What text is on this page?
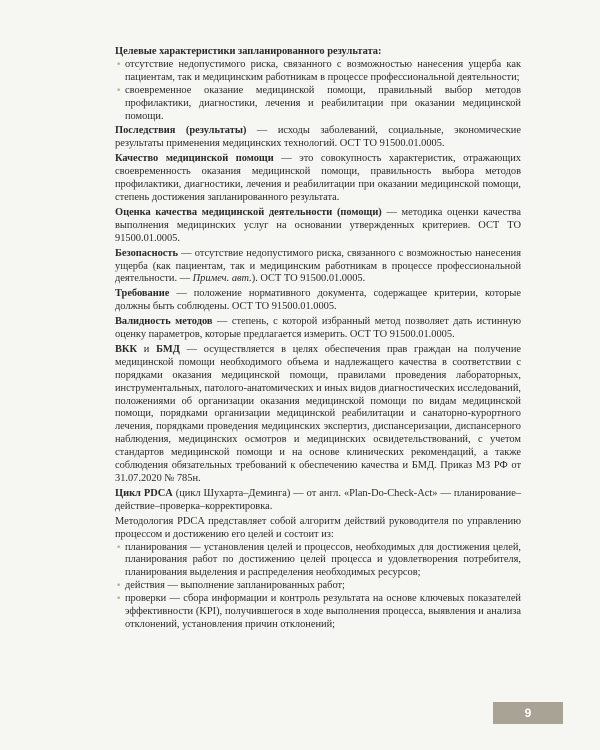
Целевые характеристики запланированного результата:

• отсутствие недопустимого риска, связанного с возможностью нанесения ущерба как пациентам, так и медицинским работникам в процессе профессиональной деятельности;

• своевременное оказание медицинской помощи, правильный выбор методов профилактики, диагностики, лечения и реабилитации при оказании медицинской помощи.

Последствия (результаты) — исходы заболеваний, социальные, экономические результаты применения медицинских технологий. ОСТ ТО 91500.01.0005.

Качество медицинской помощи — это совокупность характеристик, отражающих своевременность оказания медицинской помощи, правильность выбора методов профилактики, диагностики, лечения и реабилитации при оказании медицинской помощи, степень достижения запланированного результата.

Оценка качества медицинской деятельности (помощи) — методика оценки качества выполнения медицинских услуг на основании утвержденных критериев. ОСТ ТО 91500.01.0005.

Безопасность — отсутствие недопустимого риска, связанного с возможностью нанесения ущерба (как пациентам, так и медицинским работникам в процессе профессиональной деятельности. — Примеч. авт.). ОСТ ТО 91500.01.0005.

Требование — положение нормативного документа, содержащее критерии, которые должны быть соблюдены. ОСТ ТО 91500.01.0005.

Валидность методов — степень, с которой избранный метод позволяет дать истинную оценку параметров, которые предлагается измерить. ОСТ ТО 91500.01.0005.

ВКК и БМД — осуществляется в целях обеспечения прав граждан на получение медицинской помощи необходимого объема и надлежащего качества в соответствии с порядками оказания медицинской помощи, правилами проведения лабораторных, инструментальных, патолого-анатомических и иных видов диагностических исследований, положениями об организации оказания медицинской помощи по видам медицинской помощи, порядками организации медицинской реабилитации и санаторно-курортного лечения, порядками проведения медицинских экспертиз, диспансеризации, диспансерного наблюдения, медицинских осмотров и медицинских освидетельствований, с учетом стандартов медицинской помощи и на основе клинических рекомендаций, а также соблюдения обязательных требований к обеспечению качества и БМД. Приказ МЗ РФ от 31.07.2020 № 785н.

Цикл PDCA (цикл Шухарта–Деминга) — от англ. «Plan-Do-Check-Act» — планирование–действие–проверка–корректировка.

Методология PDCA представляет собой алгоритм действий руководителя по управлению процессом и достижению его целей и состоит из:

• планирования — установления целей и процессов, необходимых для достижения целей, планирования работ по достижению целей процесса и удовлетворения потребителя, планирования выделения и распределения необходимых ресурсов;

• действия — выполнение запланированных работ;

• проверки — сбора информации и контроль результата на основе ключевых показателей эффективности (KPI), получившегося в ходе выполнения процесса, выявления и анализа отклонений, установления причин отклонений;

9
